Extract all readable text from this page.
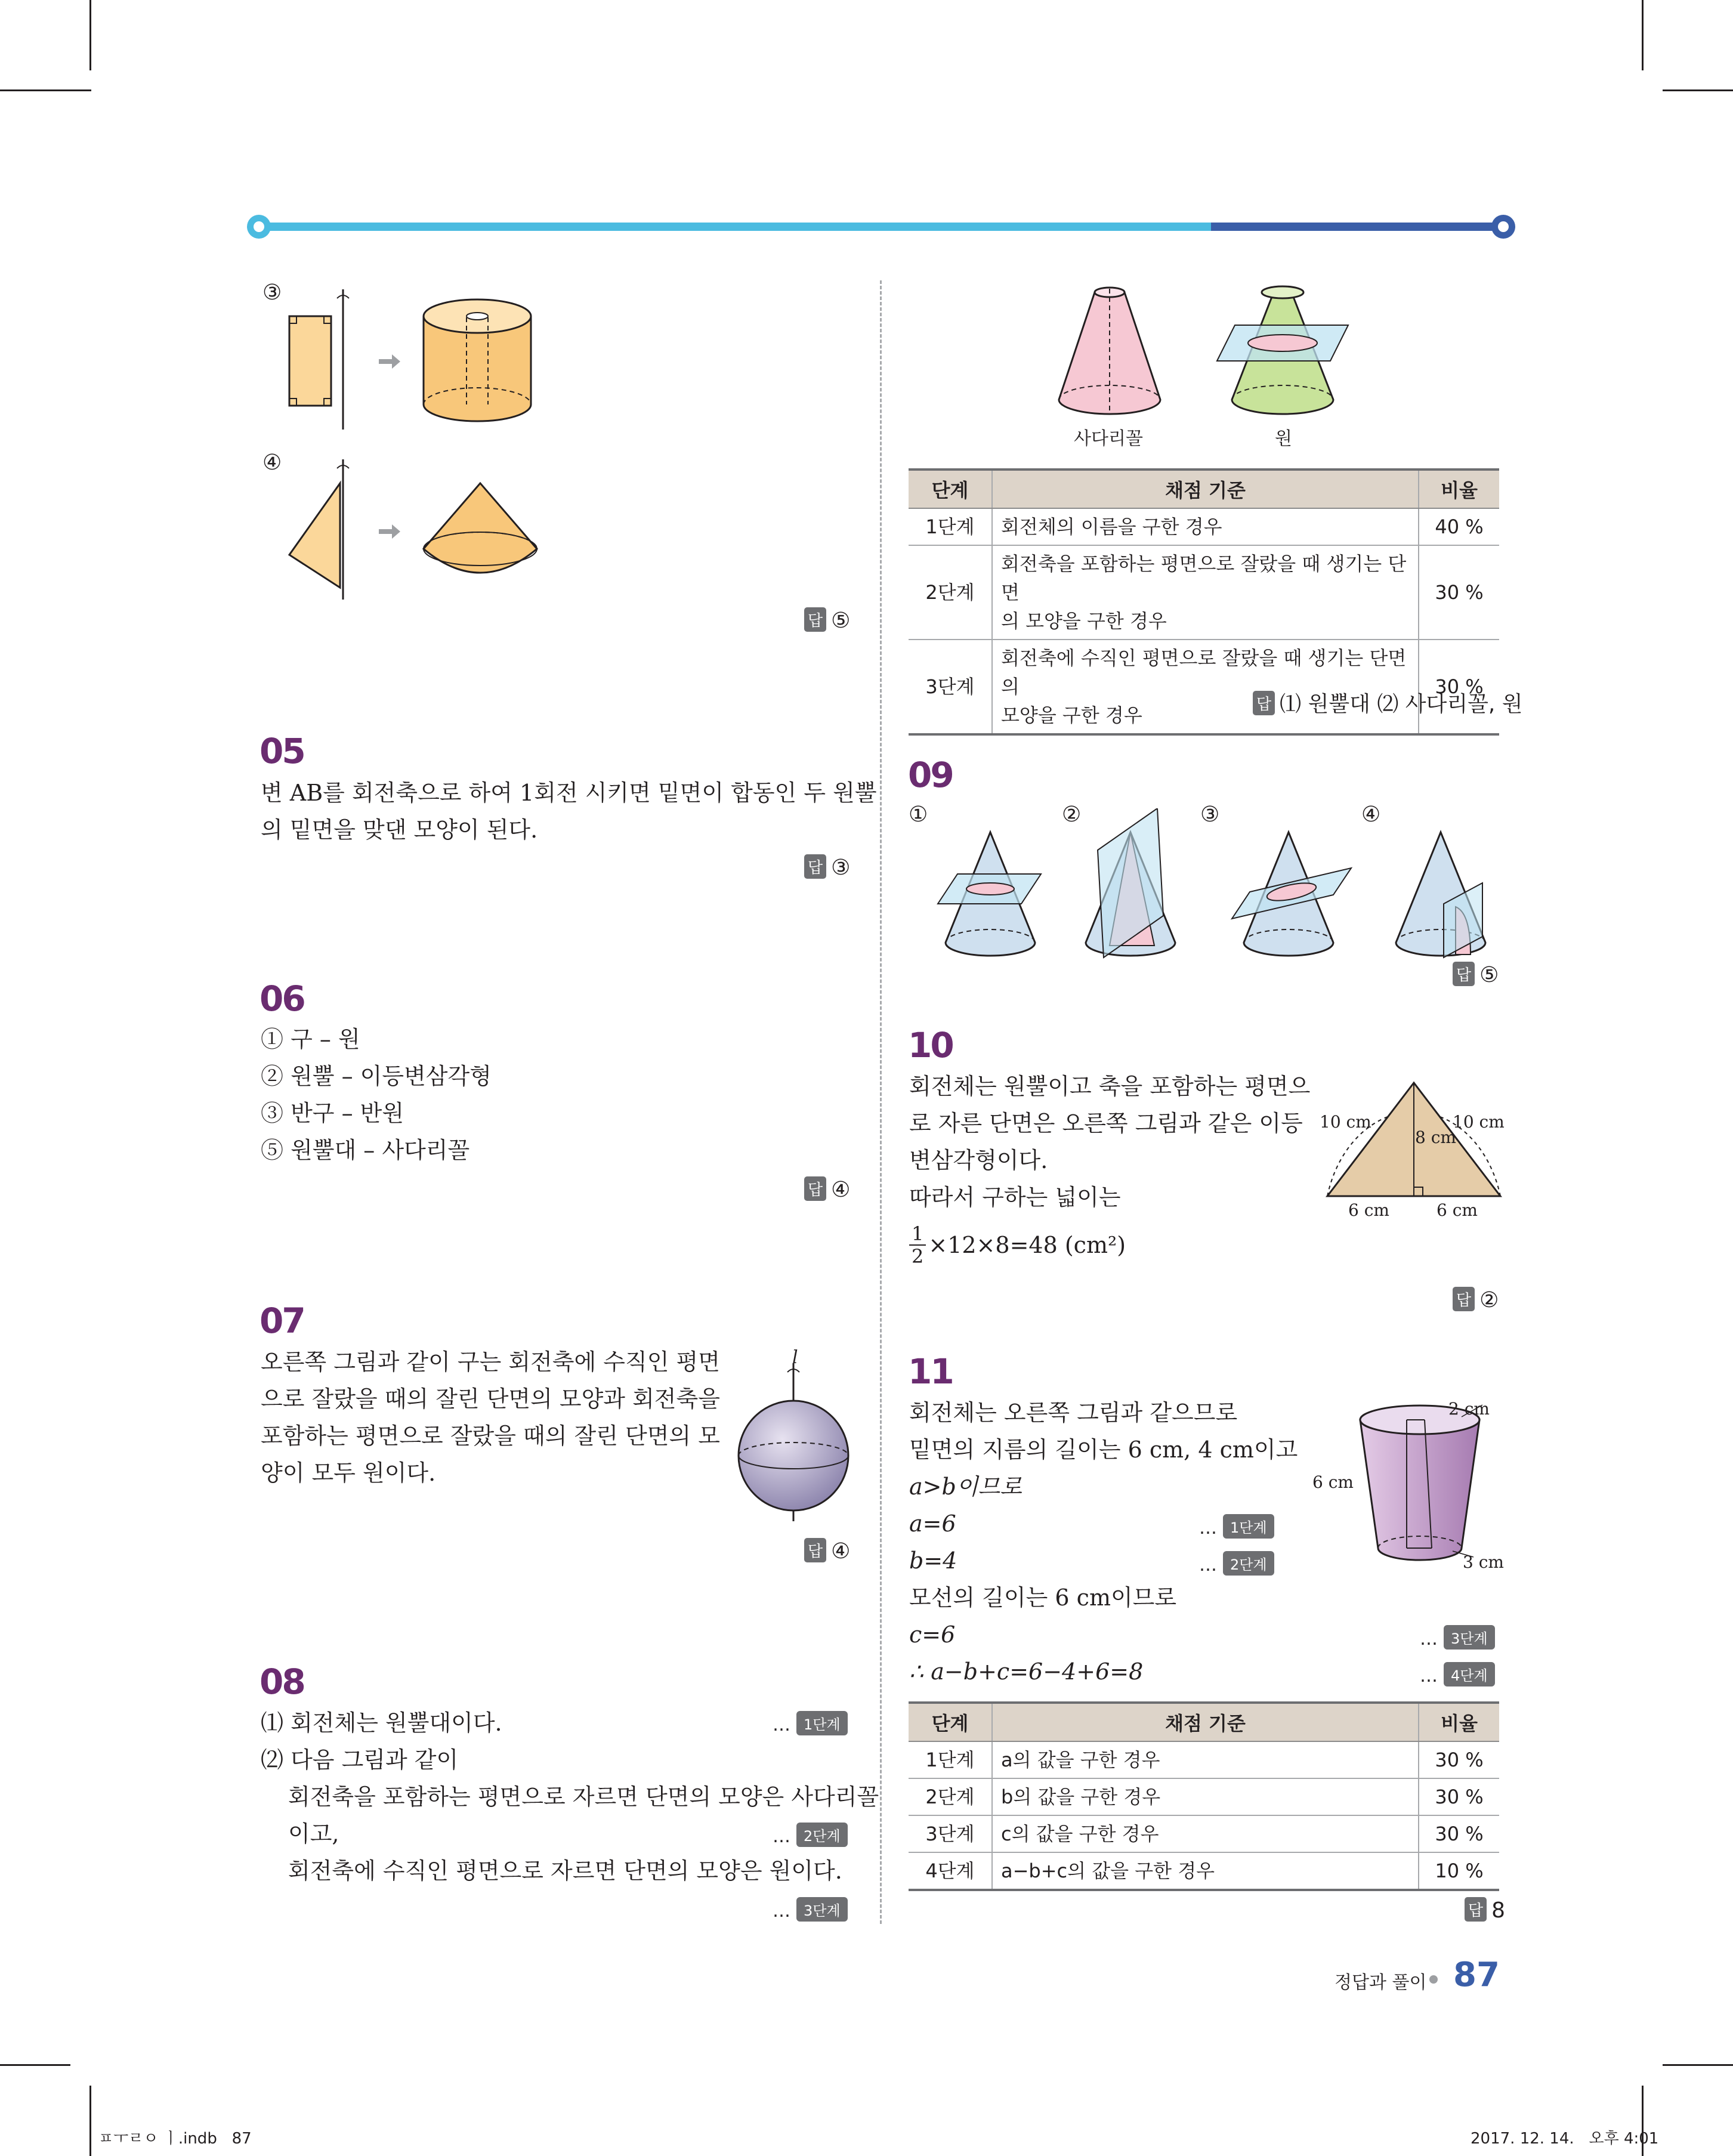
③
④
답 ⑤
05
변 AB를 회전축으로 하여 1회전 시키면 밑면이 합동인 두 원뿔
의 밑면을 맞댄 모양이 된다.
답 ③
06
① 구 – 원
② 원뿔 – 이등변삼각형
③ 반구 – 반원
⑤ 원뿔대 – 사다리꼴
답 ④
07
오른쪽 그림과 같이 구는 회전축에 수직인 평면
으로 잘랐을 때의 잘린 단면의 모양과 회전축을
포함하는 평면으로 잘랐을 때의 잘린 단면의 모
양이 모두 원이다.
l
답 ④
08
⑴ 회전체는 원뿔대이다.	… 1단계
⑵ 다음 그림과 같이
회전축을 포함하는 평면으로 자르면 단면의 모양은 사다리꼴
이고,	… 2단계
회전축에 수직인 평면으로 자르면 단면의 모양은 원이다.
… 3단계
사다리꼴	원
단계	채점 기준	비율
1단계	회전체의 이름을 구한 경우	40 %
2단계	회전축을 포함하는 평면으로 잘랐을 때 생기는 단면
의 모양을 구한 경우	30 %
3단계	회전축에 수직인 평면으로 잘랐을 때 생기는 단면의
모양을 구한 경우	30 %
답 ⑴ 원뿔대 ⑵ 사다리꼴, 원
09
①	②	③	④
답 ⑤
10
회전체는 원뿔이고 축을 포함하는 평면으
로 자른 단면은 오른쪽 그림과 같은 이등
변삼각형이다.
따라서 구하는 넓이는
$\frac{1}{2} \times 12\times 8=48$ (cm²)
10 cm	10 cm
8 cm
6 cm	6 cm
답 ②
11
회전체는 오른쪽 그림과 같으므로
밑면의 지름의 길이는 6 cm, 4 cm이고
a>b이므로
a=6	… 1단계
b=4	… 2단계
모선의 길이는 6 cm이므로
c=6	… 3단계
∴ a−b+c=6−4+6=8	… 4단계
2 cm
6 cm
3 cm
단계	채점 기준	비율
1단계	a의 값을 구한 경우	30 %
2단계	b의 값을 구한 경우	30 %
3단계	c의 값을 구한 경우	30 %
4단계	a−b+c의 값을 구한 경우	10 %
답 8
정답과 풀이 87
ㅍㅜㄹㅇ ㅣ.indb   87	2017. 12. 14.   오후 4:01
